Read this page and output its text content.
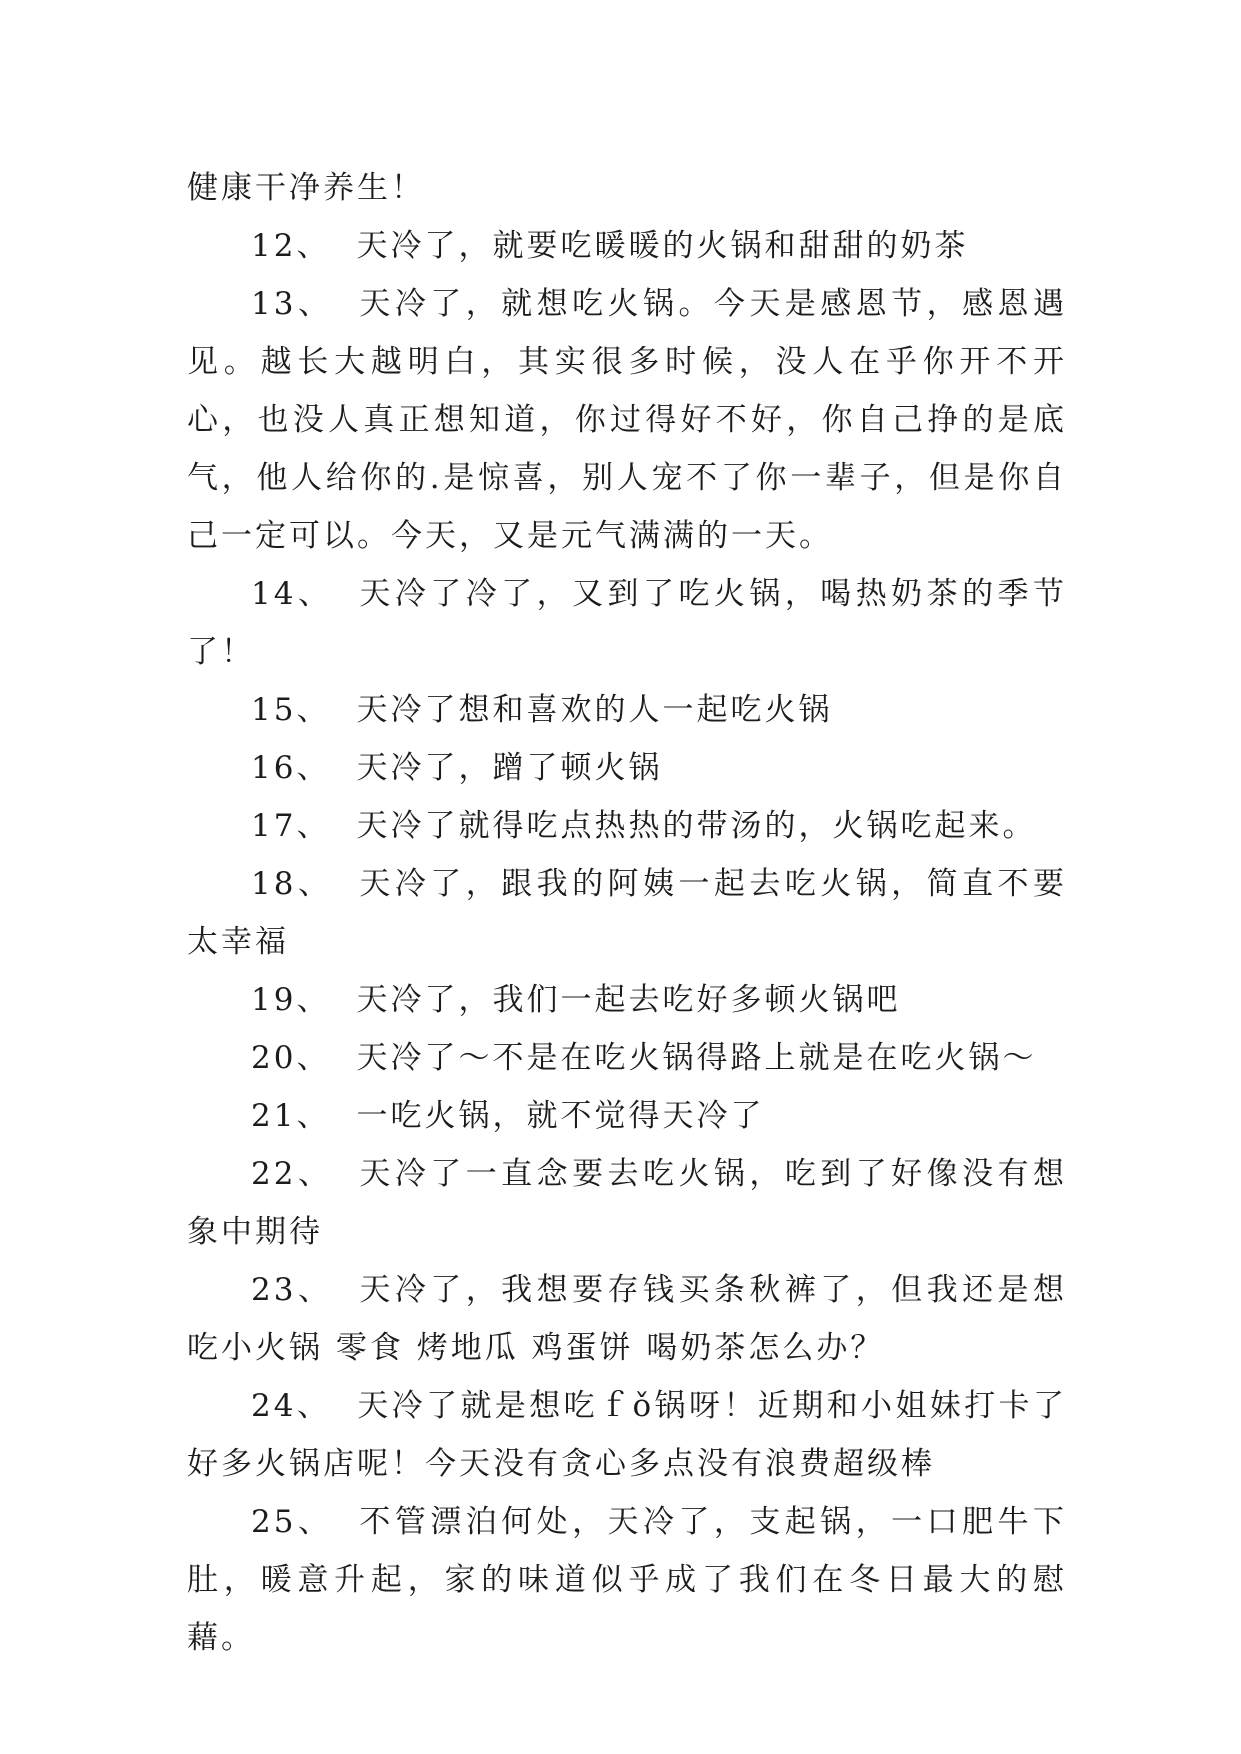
健康干净养生！

12、 天冷了，就要吃暖暖的火锅和甜甜的奶茶

13、 天冷了，就想吃火锅。今天是感恩节，感恩遇见。越长大越明白，其实很多时候，没人在乎你开不开心，也没人真正想知道，你过得好不好，你自己挣的是底气，他人给你的.是惊喜，别人宠不了你一辈子，但是你自己一定可以。今天，又是元气满满的一天。

14、 天冷了冷了，又到了吃火锅，喝热奶茶的季节了！

15、 天冷了想和喜欢的人一起吃火锅

16、 天冷了，蹭了顿火锅

17、 天冷了就得吃点热热的带汤的，火锅吃起来。

18、 天冷了，跟我的阿姨一起去吃火锅，简直不要太幸福

19、 天冷了，我们一起去吃好多顿火锅吧

20、 天冷了～不是在吃火锅得路上就是在吃火锅～

21、 一吃火锅，就不觉得天冷了

22、 天冷了一直念要去吃火锅，吃到了好像没有想象中期待

23、 天冷了，我想要存钱买条秋裤了，但我还是想吃小火锅 零食 烤地瓜 鸡蛋饼 喝奶茶怎么办？

24、 天冷了就是想吃ｆǒ锅呀！近期和小姐妹打卡了好多火锅店呢！今天没有贪心多点没有浪费超级棒

25、 不管漂泊何处，天冷了，支起锅，一口肥牛下肚，暖意升起，家的味道似乎成了我们在冬日最大的慰藉。
